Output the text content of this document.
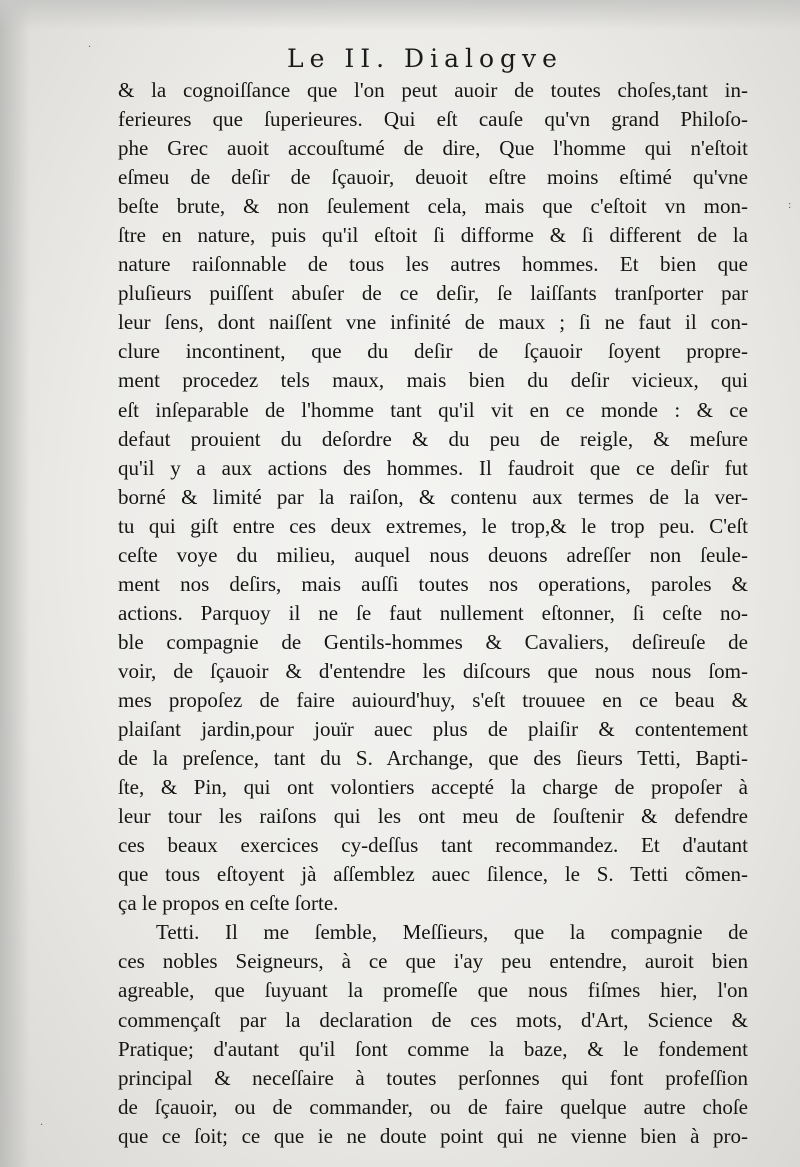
Le II. Dialogve
& la cognoiſſance que l'on peut auoir de toutes choſes,tant in-
ferieures que ſuperieures. Qui eſt cauſe qu'vn grand Philoſo-
phe Grec auoit accouſtumé de dire, Que l'homme qui n'eſtoit
eſmeu de deſir de ſçauoir, deuoit eſtre moins eſtimé qu'vne
beſte brute, & non ſeulement cela, mais que c'eſtoit vn mon-
ſtre en nature, puis qu'il eſtoit ſi difforme & ſi different de la
nature raiſonnable de tous les autres hommes. Et bien que
pluſieurs puiſſent abuſer de ce deſir, ſe laiſſants tranſporter par
leur ſens, dont naiſſent vne infinité de maux ; ſi ne faut il con-
clure incontinent, que du deſir de ſçauoir ſoyent propre-
ment procedez tels maux, mais bien du deſir vicieux, qui
eſt inſeparable de l'homme tant qu'il vit en ce monde : & ce
defaut prouient du deſordre & du peu de reigle, & meſure
qu'il y a aux actions des hommes. Il faudroit que ce deſir fut
borné & limité par la raiſon, & contenu aux termes de la ver-
tu qui giſt entre ces deux extremes, le trop,& le trop peu. C'eſt
ceſte voye du milieu, auquel nous deuons adreſſer non ſeule-
ment nos deſirs, mais auſſi toutes nos operations, paroles &
actions. Parquoy il ne ſe faut nullement eſtonner, ſi ceſte no-
ble compagnie de Gentils-hommes & Cavaliers, deſireuſe de
voir, de ſçauoir & d'entendre les diſcours que nous nous ſom-
mes propoſez de faire auiourd'huy, s'eſt trouuee en ce beau &
plaiſant jardin,pour jouïr auec plus de plaiſir & contentement
de la preſence, tant du S. Archange, que des ſieurs Tetti, Bapti-
ſte, & Pin, qui ont volontiers accepté la charge de propoſer à
leur tour les raiſons qui les ont meu de ſouſtenir & defendre
ces beaux exercices cy-deſſus tant recommandez. Et d'autant
que tous eſtoyent jà aſſemblez auec ſilence, le S. Tetti cõmen-
ça le propos en ceſte ſorte.
Tetti. Il me ſemble, Meſſieurs, que la compagnie de
ces nobles Seigneurs, à ce que i'ay peu entendre, auroit bien
agreable, que ſuyuant la promeſſe que nous fiſmes hier, l'on
commençaſt par la declaration de ces mots, d'Art, Science &
Pratique; d'autant qu'il ſont comme la baze, & le fondement
principal & neceſſaire à toutes perſonnes qui font profeſſion
de ſçauoir, ou de commander, ou de faire quelque autre choſe
que ce ſoit; ce que ie ne doute point qui ne vienne bien à pro-
·
:
·
